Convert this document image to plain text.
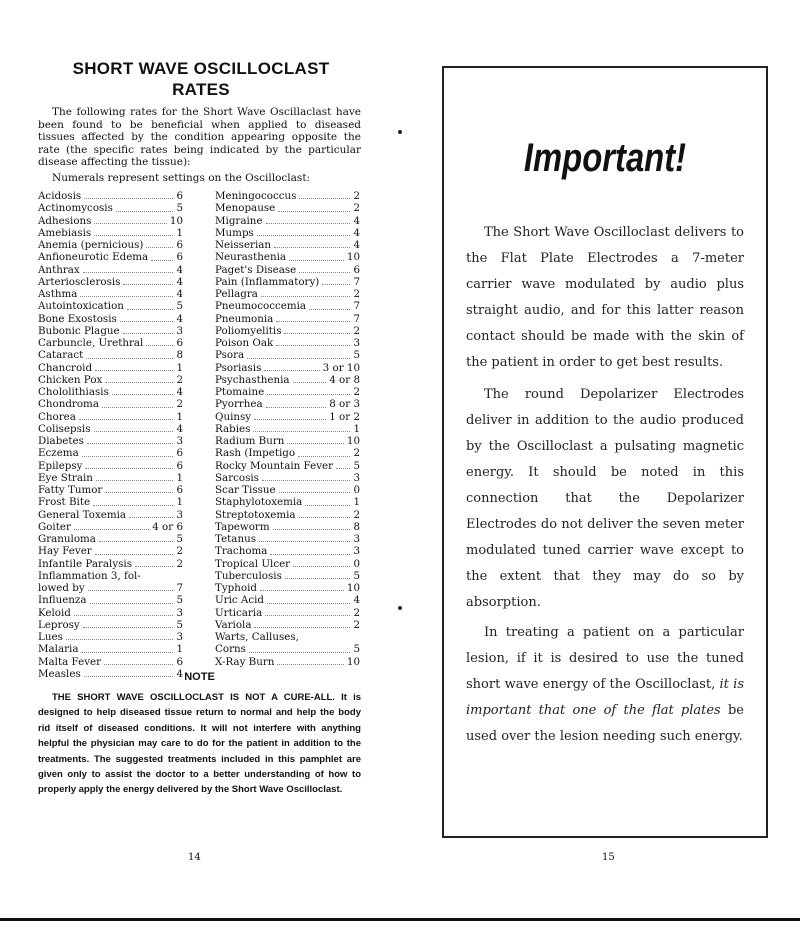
SHORT WAVE OSCILLOCLAST
RATES
The following rates for the Short Wave Oscillaclast have been found to be beneficial when applied to diseased tissues affected by the condition appearing opposite the rate (the specific rates being indicated by the particular disease affecting the tissue):
Numerals represent settings on the Oscilloclast:
Acidosis	6
Actinomycosis	5
Adhesions	10
Amebiasis	1
Anemia (pernicious)	6
Anfioneurotic Edema	6
Anthrax	4
Arteriosclerosis	4
Asthma	4
Autointoxication	5
Bone Exostosis	4
Bubonic Plague	3
Carbuncle, Urethral	6
Cataract	8
Chancroid	1
Chicken Pox	2
Chololithiasis	4
Chondroma	2
Chorea	1
Colisepsis	4
Diabetes	3
Eczema	6
Epilepsy	6
Eye Strain	1
Fatty Tumor	6
Frost Bite	1
General Toxemia	3
Goiter	4 or 6
Granuloma	5
Hay Fever	2
Infantile Paralysis	2
Inflammation 3, fol-
lowed by	7
Influenza	5
Keloid	3
Leprosy	5
Lues	3
Malaria	1
Malta Fever	6
Measles	4
Meningococcus	2
Menopause	2
Migraine	4
Mumps	4
Neisserian	4
Neurasthenia	10
Paget's Disease	6
Pain (Inflammatory)	7
Pellagra	2
Pneumococcemia	7
Pneumonia	7
Poliomyelitis	2
Poison Oak	3
Psora	5
Psoriasis	3 or 10
Psychasthenia	4 or 8
Ptomaine	2
Pyorrhea	8 or 3
Quinsy	1 or 2
Rabies	1
Radium Burn	10
Rash (Impetigo	2
Rocky Mountain Fever 5
Sarcosis	3
Scar Tissue	0
Staphylotoxemia	1
Streptotoxemia	2
Tapeworm	8
Tetanus	3
Trachoma	3
Tropical Ulcer	0
Tuberculosis	5
Typhoid	10
Uric Acid	4
Urticaria	2
Variola	2
Warts, Calluses,
Corns	5
X-Ray Burn	10
NOTE
THE SHORT WAVE OSCILLOCLAST IS NOT A CURE-ALL. It is designed to help diseased tissue return to normal and help the body rid itself of diseased conditions. It will not interfere with anything helpful the physician may care to do for the patient in addition to the treatments. The suggested treatments included in this pamphlet are given only to assist the doctor to a better understanding of how to properly apply the energy delivered by the Short Wave Oscilloclast.
14
Important!
The Short Wave Oscilloclast delivers to the Flat Plate Electrodes a 7-meter carrier wave modulated by audio plus straight audio, and for this latter reason contact should be made with the skin of the patient in order to get best results.
The round Depolarizer Electrodes deliver in addition to the audio produced by the Oscilloclast a pulsating magnetic energy. It should be noted in this connection that the Depolarizer Electrodes do not deliver the seven meter modulated tuned carrier wave except to the extent that they may do so by absorption.
In treating a patient on a particular lesion, if it is desired to use the tuned short wave energy of the Oscilloclast, it is important that one of the flat plates be used over the lesion needing such energy.
15
